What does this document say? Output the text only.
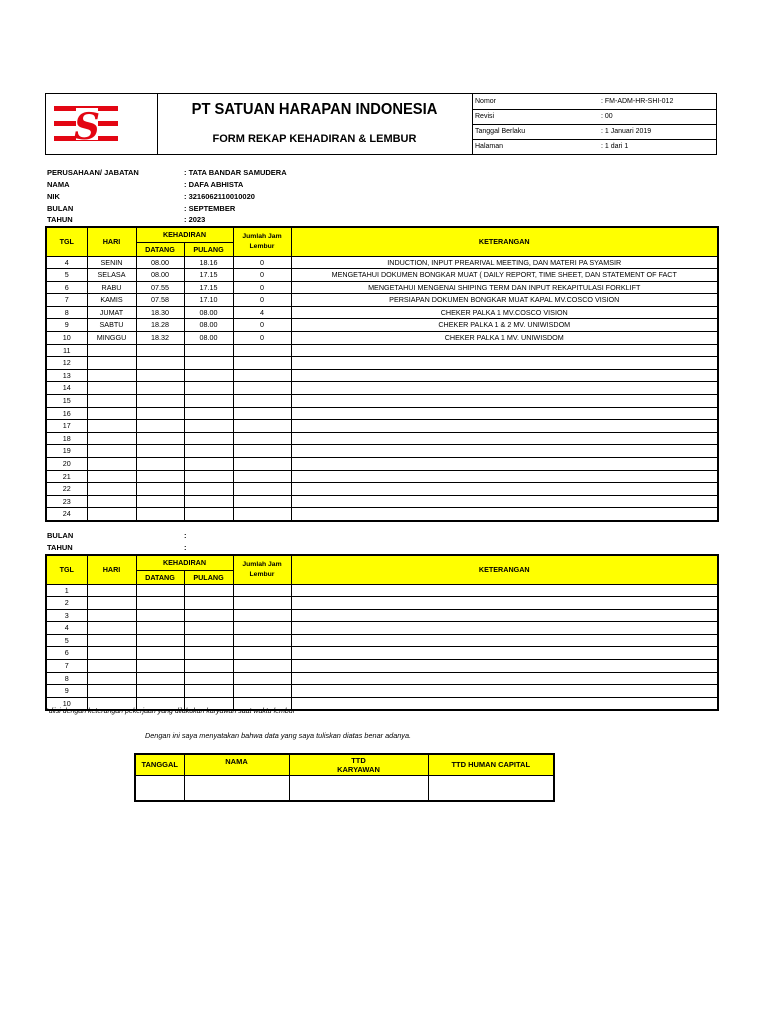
S	PT SATUAN HARAPAN INDONESIA
FORM REKAP KEHADIRAN & LEMBUR
Nomor	: FM-ADM-HR-SHI-012
Revisi	: 00
Tanggal Berlaku	: 1 Januari 2019
Halaman	: 1 dari 1
PERUSAHAAN/ JABATAN	: TATA BANDAR SAMUDERA
NAMA	: DAFA ABHISTA
NIK	: 3216062110010020
BULAN	: SEPTEMBER
TAHUN	: 2023
TGL	HARI	KEHADIRAN		Jumlah Jam Lembur	KETERANGAN
		DATANG	PULANG		
4	SENIN	08.00	18.16	0	INDUCTION, INPUT PREARIVAL MEETING, DAN MATERI PA SYAMSIR
5	SELASA	08.00	17.15	0	MENGETAHUI DOKUMEN BONGKAR MUAT ( DAILY REPORT, TIME SHEET, DAN STATEMENT OF FACT
6	RABU	07.55	17.15	0	MENGETAHUI MENGENAI SHIPING TERM DAN INPUT REKAPITULASI FORKLIFT
7	KAMIS	07.58	17.10	0	PERSIAPAN DOKUMEN BONGKAR MUAT KAPAL MV.COSCO VISION
8	JUMAT	18.30	08.00	4	CHEKER PALKA 1 MV.COSCO VISION
9	SABTU	18.28	08.00	0	CHEKER PALKA 1 & 2 MV. UNIWISDOM
10	MINGGU	18.32	08.00	0	CHEKER PALKA 1 MV. UNIWISDOM
11					
12					
13					
14					
15					
16					
17					
18					
19					
20					
21					
22					
23					
24					
BULAN	:
TAHUN	:
TGL	HARI	KEHADIRAN		Jumlah Jam Lembur	KETERANGAN
		DATANG	PULANG		
1					
2					
3					
4					
5					
6					
7					
8					
9					
10					
*diisi dengan keterangan pekerjaan yang dilakukan karyawan saat waktu lembur
Dengan ini saya menyatakan bahwa data yang saya tuliskan diatas benar adanya.
TANGGAL	NAMA	TTD KARYAWAN	TTD HUMAN CAPITAL
